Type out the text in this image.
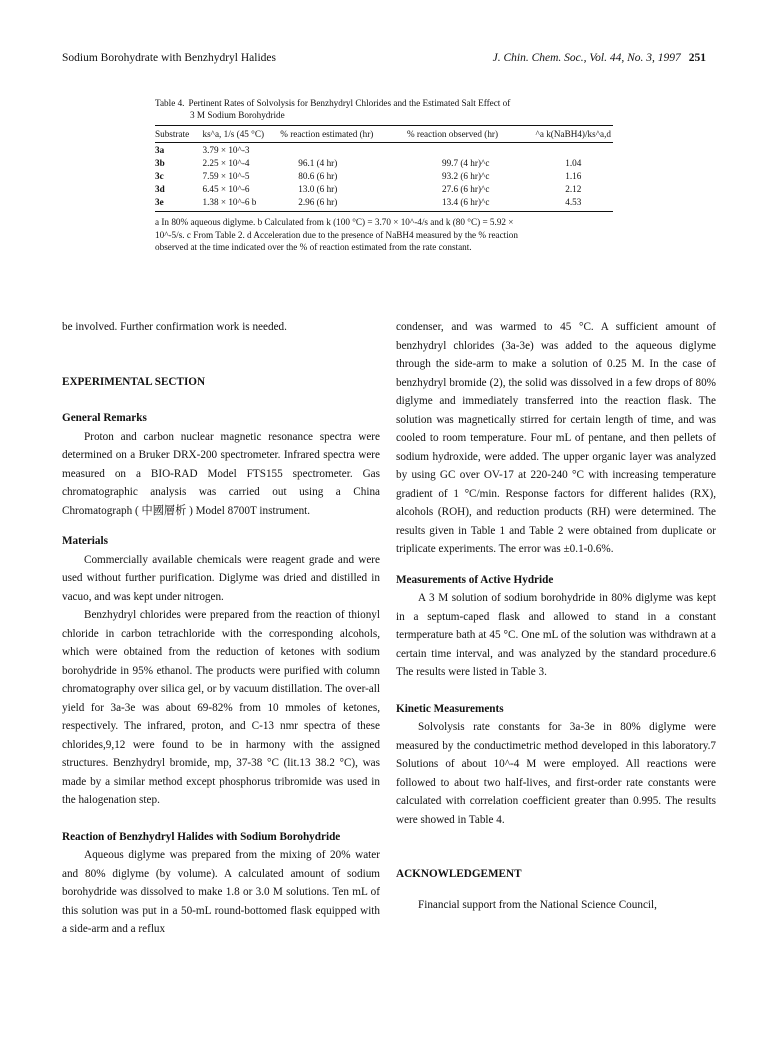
Sodium Borohydrate with Benzhydryl Halides	J. Chin. Chem. Soc., Vol. 44, No. 3, 1997 251
Table 4. Pertinent Rates of Solvolysis for Benzhydryl Chlorides and the Estimated Salt Effect of
3 M Sodium Borohydride
Substrate	ks^a, 1/s (45 °C)	% reaction estimated (hr)	% reaction observed (hr)	^a k(NaBH4)/ks^a,d
3a	3.79 × 10^-3			
3b	2.25 × 10^-4	96.1 (4 hr)	99.7 (4 hr)^c	1.04
3c	7.59 × 10^-5	80.6 (6 hr)	93.2 (6 hr)^c	1.16
3d	6.45 × 10^-6	13.0 (6 hr)	27.6 (6 hr)^c	2.12
3e	1.38 × 10^-6 b	2.96 (6 hr)	13.4 (6 hr)^c	4.53
a In 80% aqueous diglyme. b Calculated from k (100 °C) = 3.70 × 10^-4/s and k (80 °C) = 5.92 ×
10^-5/s. c From Table 2. d Acceleration due to the presence of NaBH4 measured by the % reaction
observed at the time indicated over the % of reaction estimated from the rate constant.

be involved. Further confirmation work is needed.

EXPERIMENTAL SECTION

General Remarks

Proton and carbon nuclear magnetic resonance spectra were determined on a Bruker DRX-200 spectrometer. Infrared spectra were measured on a BIO-RAD Model FTS155 spectrometer. Gas chromatographic analysis was carried out using a China Chromatograph ( 中國層析 ) Model 8700T instrument.

Materials

Commercially available chemicals were reagent grade and were used without further purification. Diglyme was dried and distilled in vacuo, and was kept under nitrogen.

Benzhydryl chlorides were prepared from the reaction of thionyl chloride in carbon tetrachloride with the corresponding alcohols, which were obtained from the reduction of ketones with sodium borohydride in 95% ethanol. The products were purified with column chromatography over silica gel, or by vacuum distillation. The over-all yield for 3a-3e was about 69-82% from 10 mmoles of ketones, respectively. The infrared, proton, and C-13 nmr spectra of these chlorides,9,12 were found to be in harmony with the assigned structures. Benzhydryl bromide, mp, 37-38 °C (lit.13 38.2 °C), was made by a similar method except phosphorus tribromide was used in the halogenation step.

Reaction of Benzhydryl Halides with Sodium Borohydride

Aqueous diglyme was prepared from the mixing of 20% water and 80% diglyme (by volume). A calculated amount of sodium borohydride was dissolved to make 1.8 or 3.0 M solutions. Ten mL of this solution was put in a 50-mL round-bottomed flask equipped with a side-arm and a reflux

condenser, and was warmed to 45 °C. A sufficient amount of benzhydryl chlorides (3a-3e) was added to the aqueous diglyme through the side-arm to make a solution of 0.25 M. In the case of benzhydryl bromide (2), the solid was dissolved in a few drops of 80% diglyme and immediately transferred into the reaction flask. The solution was magnetically stirred for certain length of time, and was cooled to room temperature. Four mL of pentane, and then pellets of sodium hydroxide, were added. The upper organic layer was analyzed by using GC over OV-17 at 220-240 °C with increasing temperature gradient of 1 °C/min. Response factors for different halides (RX), alcohols (ROH), and reduction products (RH) were determined. The results given in Table 1 and Table 2 were obtained from duplicate or triplicate experiments. The error was ±0.1-0.6%.

Measurements of Active Hydride

A 3 M solution of sodium borohydride in 80% diglyme was kept in a septum-caped flask and allowed to stand in a constant termperature bath at 45 °C. One mL of the solution was withdrawn at a certain time interval, and was analyzed by the standard procedure.6 The results were listed in Table 3.

Kinetic Measurements

Solvolysis rate constants for 3a-3e in 80% diglyme were measured by the conductimetric method developed in this laboratory.7 Solutions of about 10^-4 M were employed. All reactions were followed to about two half-lives, and first-order rate constants were calculated with correlation coefficient greater than 0.995. The results were showed in Table 4.

ACKNOWLEDGEMENT

Financial support from the National Science Council,
